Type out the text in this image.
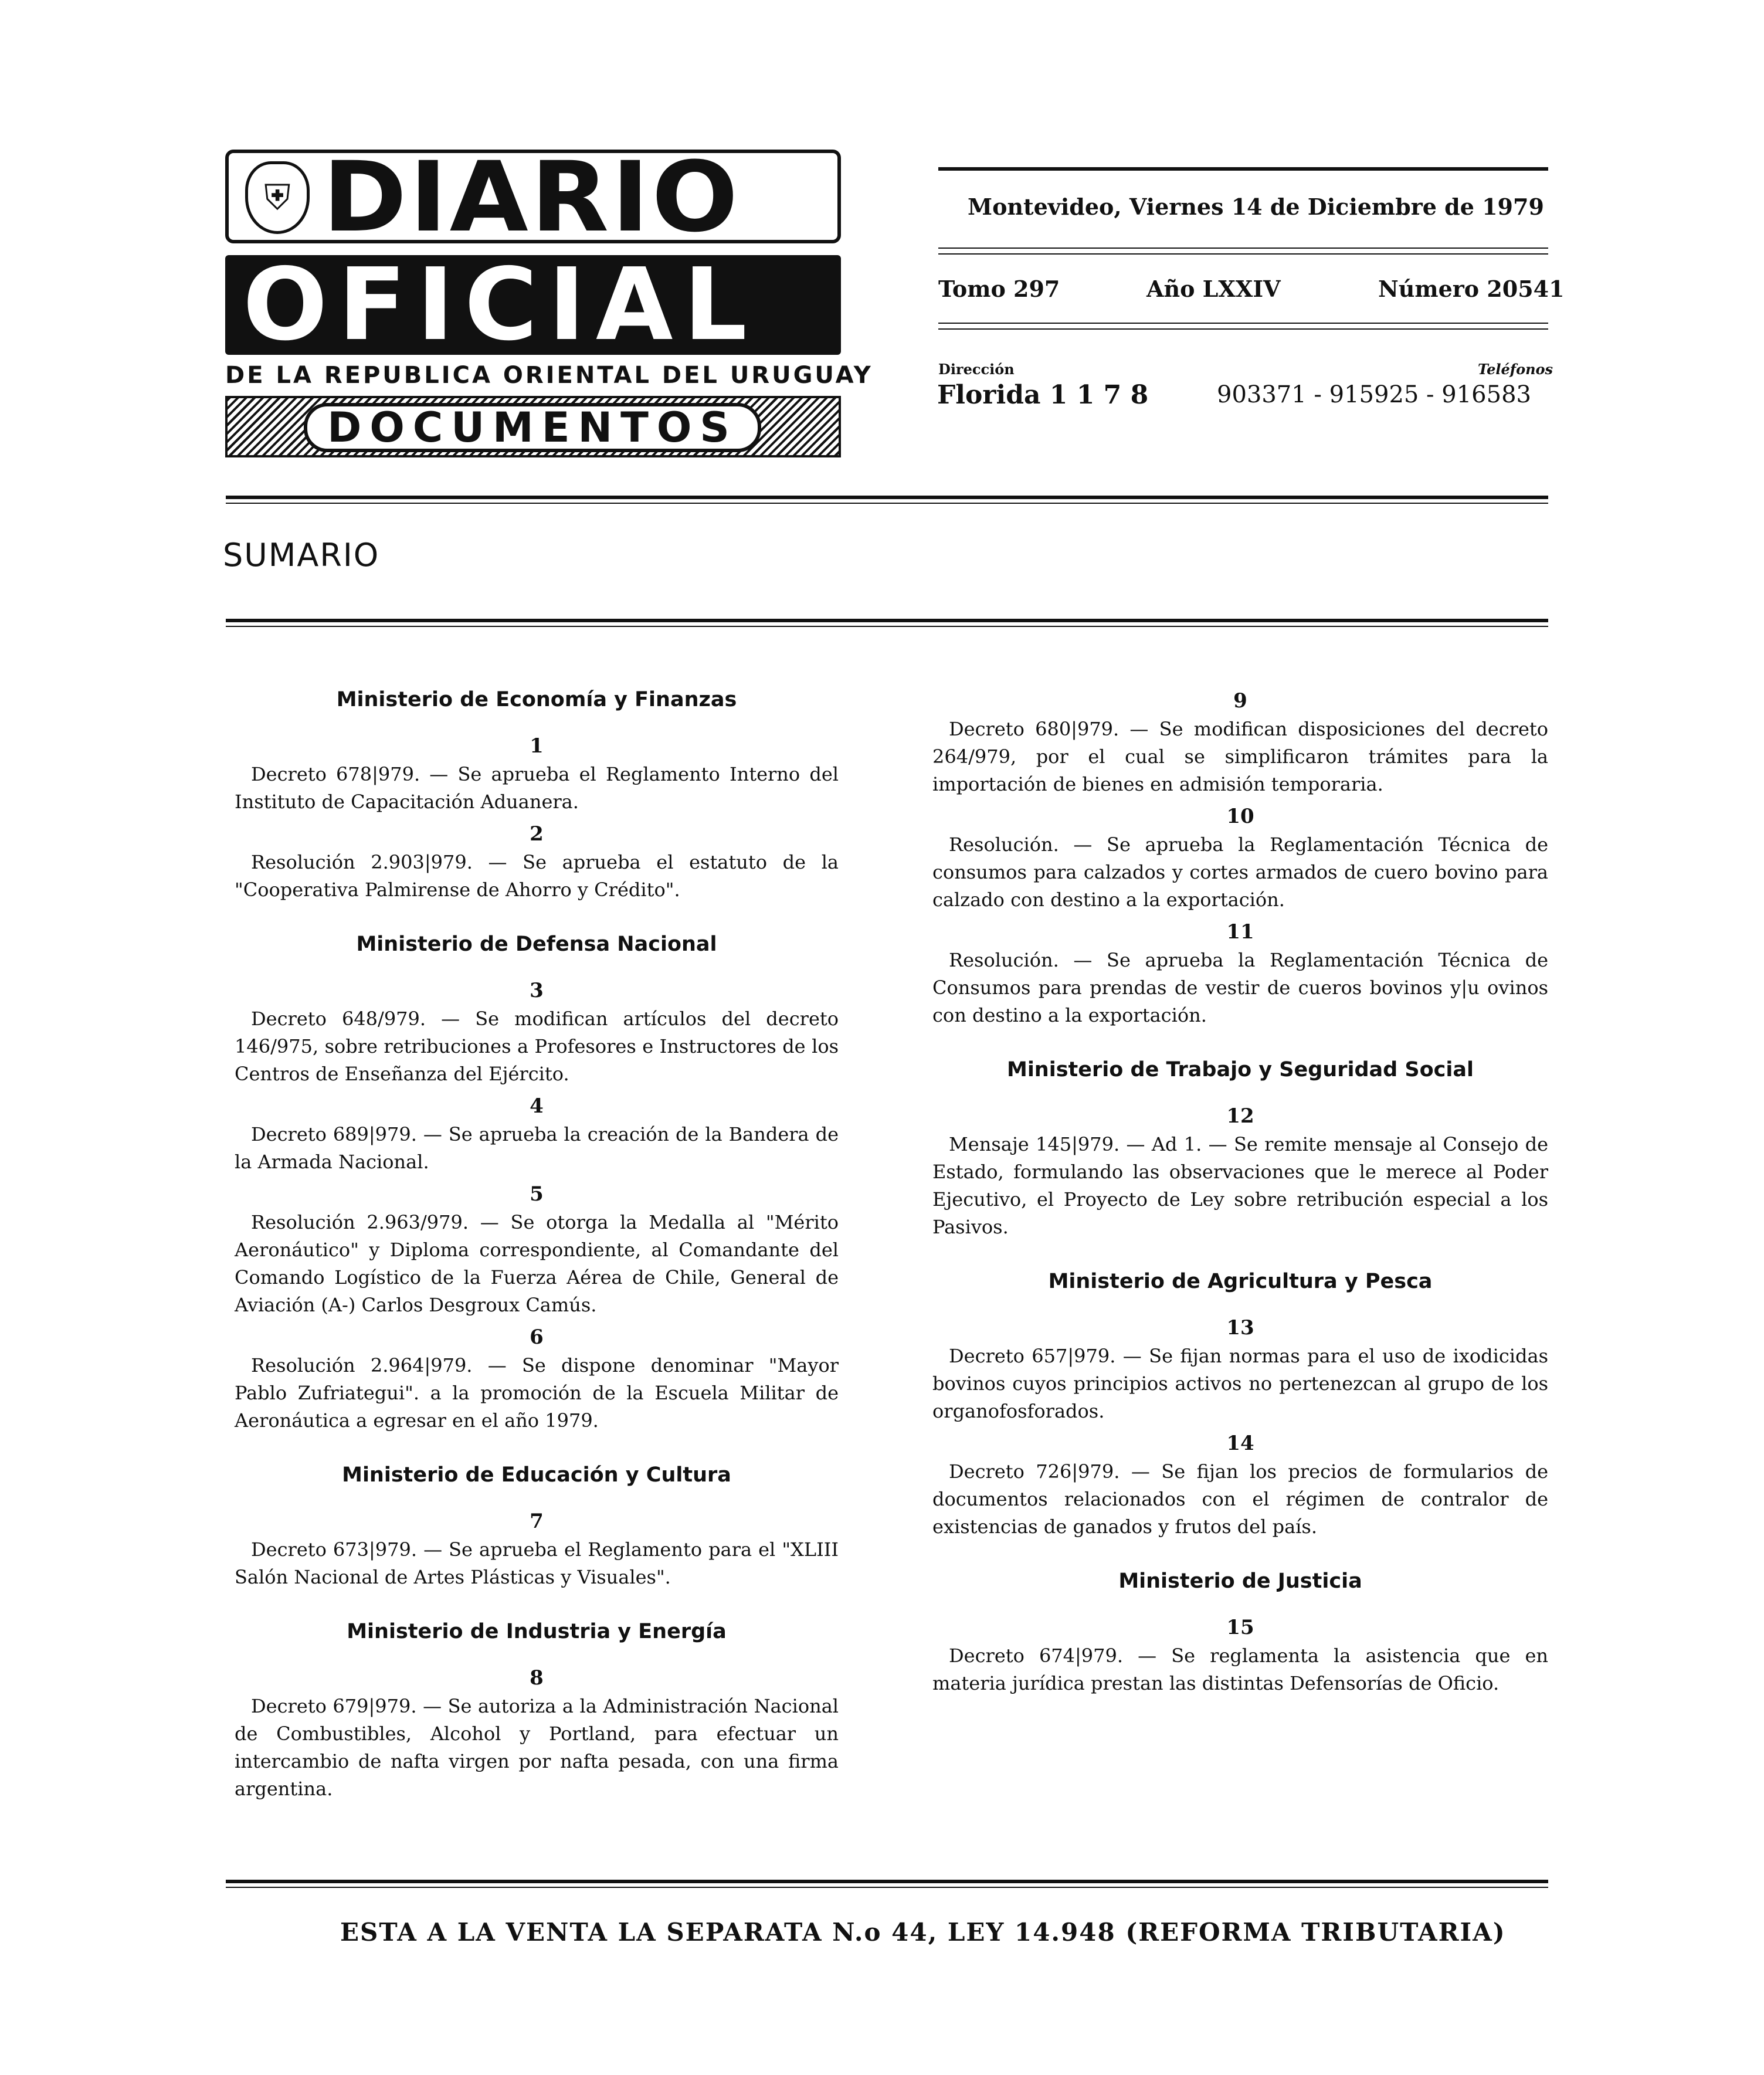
⛨ DIARIO
OFICIAL
DE LA REPUBLICA ORIENTAL DEL URUGUAY
DOCUMENTOS
Montevideo, Viernes 14 de Diciembre de 1979
Tomo 297	Año LXXIV	Número 20541
Dirección	Teléfonos
Florida 1 1 7 8	903371 - 915925 - 916583
SUMARIO

Ministerio de Economía y Finanzas

1

Decreto 678|979. — Se aprueba el Reglamento Interno del Instituto de Capacitación Aduanera.

2

Resolución 2.903|979. — Se aprueba el estatuto de la "Cooperativa Palmirense de Ahorro y Crédito".

Ministerio de Defensa Nacional

3

Decreto 648/979. — Se modifican artículos del decreto 146/975, sobre retribuciones a Profesores e Instructores de los Centros de Enseñanza del Ejército.

4

Decreto 689|979. — Se aprueba la creación de la Bandera de la Armada Nacional.

5

Resolución 2.963/979. — Se otorga la Medalla al "Mérito Aeronáutico" y Diploma correspondiente, al Comandante del Comando Logístico de la Fuerza Aérea de Chile, General de Aviación (A-) Carlos Desgroux Camús.

6

Resolución 2.964|979. — Se dispone denominar "Mayor Pablo Zufriategui". a la promoción de la Escuela Militar de Aeronáutica a egresar en el año 1979.

Ministerio de Educación y Cultura

7

Decreto 673|979. — Se aprueba el Reglamento para el "XLIII Salón Nacional de Artes Plásticas y Visuales".

Ministerio de Industria y Energía

8

Decreto 679|979. — Se autoriza a la Administración Nacional de Combustibles, Alcohol y Portland, para efectuar un intercambio de nafta virgen por nafta pesada, con una firma argentina.

9

Decreto 680|979. — Se modifican disposiciones del decreto 264/979, por el cual se simplificaron trámites para la importación de bienes en admisión temporaria.

10

Resolución. — Se aprueba la Reglamentación Técnica de consumos para calzados y cortes armados de cuero bovino para calzado con destino a la exportación.

11

Resolución. — Se aprueba la Reglamentación Técnica de Consumos para prendas de vestir de cueros bovinos y|u ovinos con destino a la exportación.

Ministerio de Trabajo y Seguridad Social

12

Mensaje 145|979. — Ad 1. — Se remite mensaje al Consejo de Estado, formulando las observaciones que le merece al Poder Ejecutivo, el Proyecto de Ley sobre retribución especial a los Pasivos.

Ministerio de Agricultura y Pesca

13

Decreto 657|979. — Se fijan normas para el uso de ixodicidas bovinos cuyos principios activos no pertenezcan al grupo de los organofosforados.

14

Decreto 726|979. — Se fijan los precios de formularios de documentos relacionados con el régimen de contralor de existencias de ganados y frutos del país.

Ministerio de Justicia

15

Decreto 674|979. — Se reglamenta la asistencia que en materia jurídica prestan las distintas Defensorías de Oficio.

ESTA A LA VENTA LA SEPARATA N.o 44, LEY 14.948 (REFORMA TRIBUTARIA)
